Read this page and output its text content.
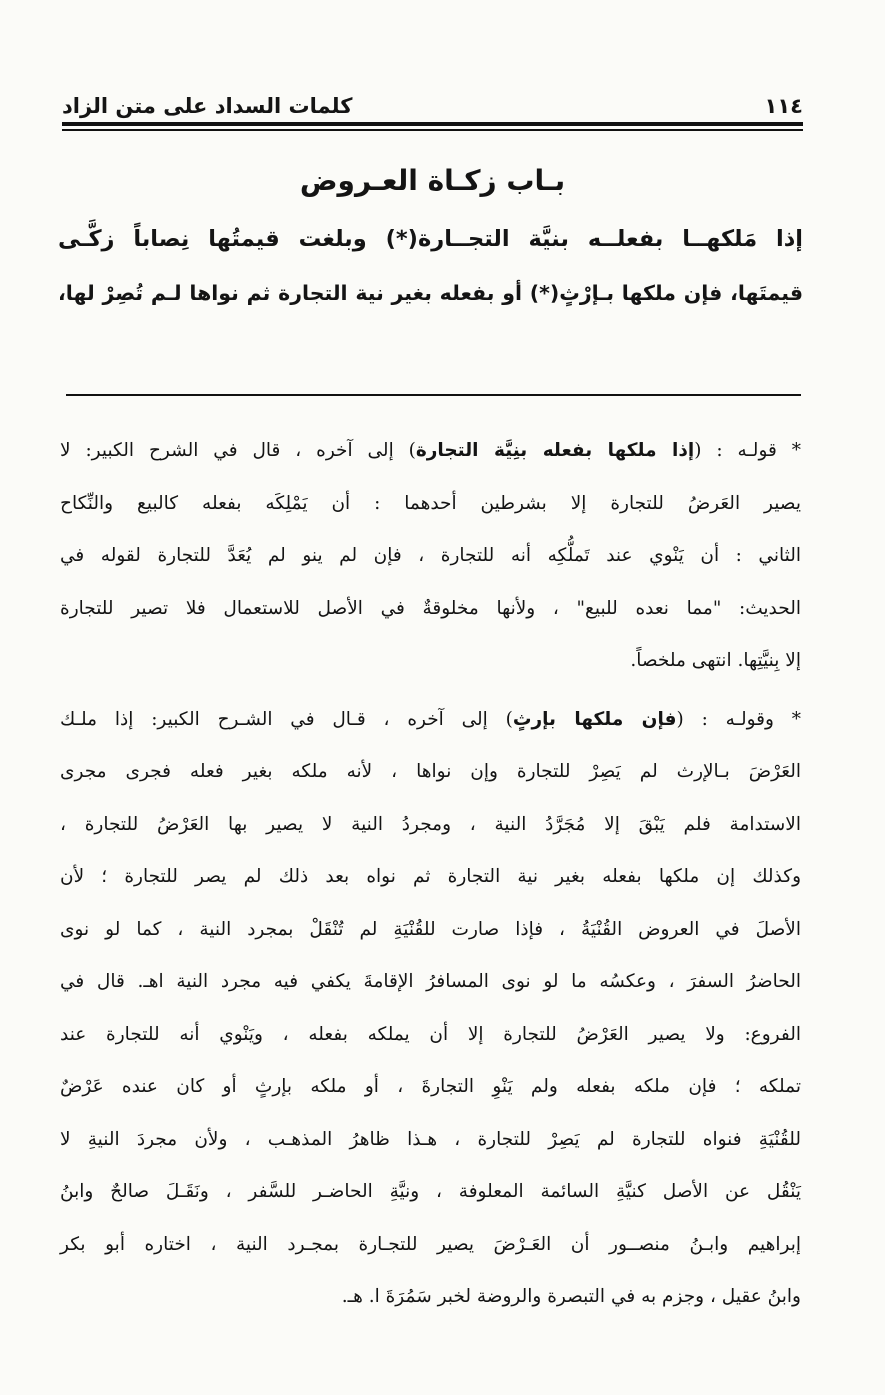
١١٤
كلمات السداد على متن الزاد
بـاب زكـاة العـروض

إذا مَلكهــا بفعلــه بنيَّة التجــارة(*) وبلغت قيمتُها نِصاباً زكَّـى

قيمتَها، فإن ملكها بـإرْثٍ(*) أو بفعله بغير نية التجارة ثم نواها لـم تُصِرْ لها،

* قولـه : (إذا ملكها بفعله بنِيَّة التجارة) إلى آخره ، قال في الشرح الكبير: لا

يصير العَرضُ للتجارة إلا بشرطين أحدهما : أن يَمْلِكَه بفعله كالبيع والنِّكاح

الثاني : أن يَنْوي عند تَملُّكِه أنه للتجارة ، فإن لم ينو لم يُعَدَّ للتجارة لقوله في

الحديث: "مما نعده للبيع" ، ولأنها مخلوقةٌ في الأصل للاستعمال فلا تصير للتجارة

إلا بِنيَّتِها. انتهى ملخصاً.

* وقولـه : (فإن ملكها بإرثٍ) إلى آخره ، قـال في الشـرح الكبير: إذا ملـك

العَرْضَ بـالإرث لم يَصِرْ للتجارة وإن نواها ، لأنه ملكه بغير فعله فجرى مجرى

الاستدامة فلم يَبْقَ إلا مُجَرَّدُ النية ، ومجردُ النية لا يصير بها العَرْضُ للتجارة ،

وكذلك إن ملكها بفعله بغير نية التجارة ثم نواه بعد ذلك لم يصر للتجارة ؛ لأن

الأصلَ في العروض القُنْيَةُ ، فإذا صارت للقُنْيَةِ لم تُنْقَلْ بمجرد النية ، كما لو نوى

الحاضرُ السفرَ ، وعكسُه ما لو نوى المسافرُ الإقامةَ يكفي فيه مجرد النية اهـ. قال في

الفروع: ولا يصير العَرْضُ للتجارة إلا أن يملكه بفعله ، ويَنْوي أنه للتجارة عند

تملكه ؛ فإن ملكه بفعله ولم يَنْوِ التجارةَ ، أو ملكه بإرثٍ أو كان عنده عَرْضٌ

للقُنْيَةِ فنواه للتجارة لم يَصِرْ للتجارة ، هـذا ظاهرُ المذهـب ، ولأن مجردَ النيةِ لا

يَنْقُل عن الأصل كنيَّةِ السائمة المعلوفة ، ونيَّةِ الحاضـر للسَّفر ، ونَقَـلَ صالحٌ وابنُ

إبراهيم وابـنُ منصــور أن العَـرْضَ يصير للتجـارة بمجـرد النية ، اختاره أبو بكر

وابنُ عقيل ، وجزم به في التبصرة والروضة لخبر سَمُرَةَ ا. هـ.
